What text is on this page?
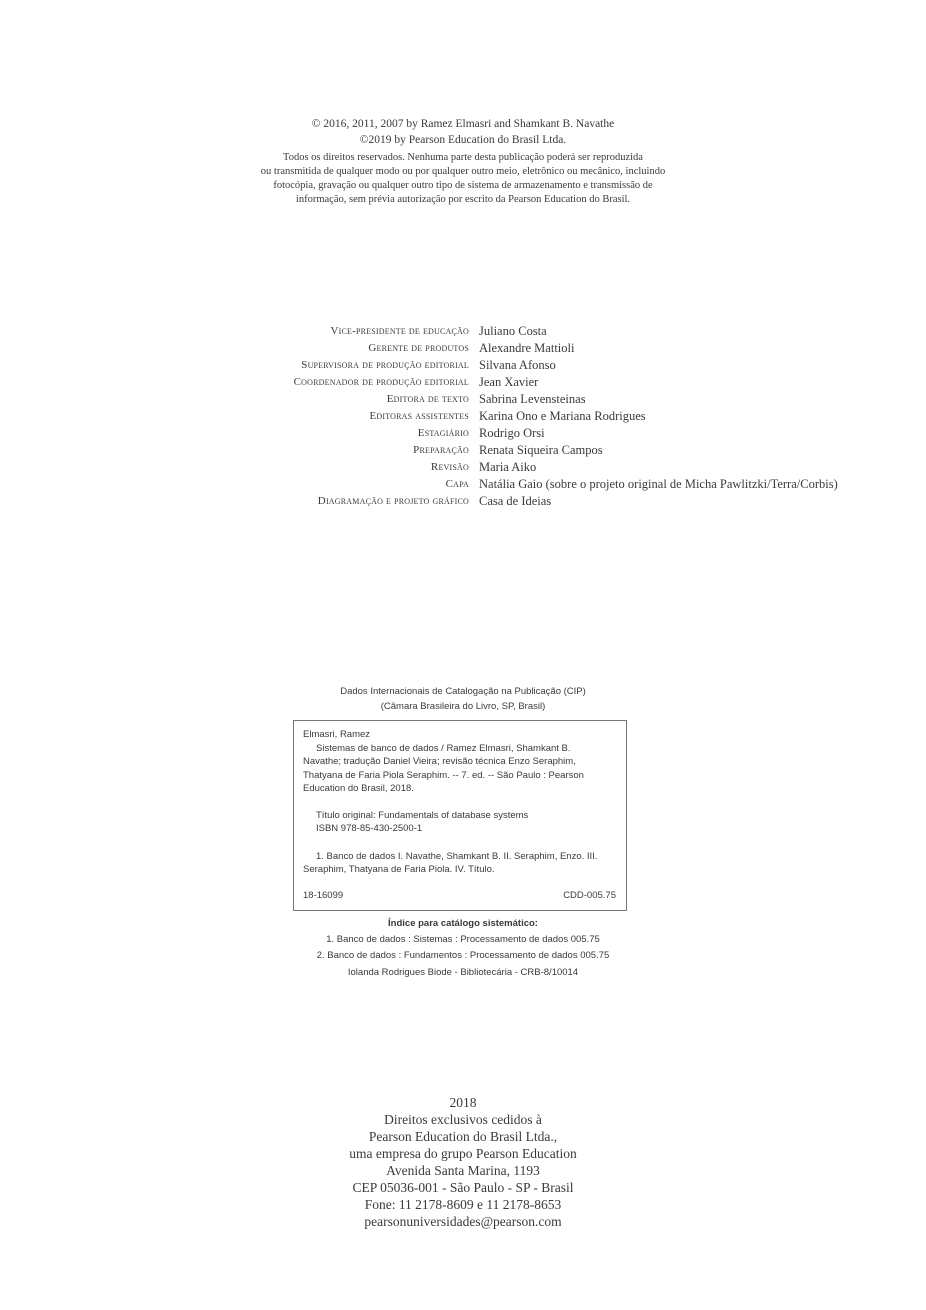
© 2016, 2011, 2007 by Ramez Elmasri and Shamkant B. Navathe
©2019 by Pearson Education do Brasil Ltda.
Todos os direitos reservados. Nenhuma parte desta publicação poderá ser reproduzida
ou transmitida de qualquer modo ou por qualquer outro meio, eletrônico ou mecânico, incluindo
fotocópia, gravação ou qualquer outro tipo de sistema de armazenamento e transmissão de
informação, sem prévia autorização por escrito da Pearson Education do Brasil.
Vice-presidente de educação Juliano Costa
Gerente de produtos Alexandre Mattioli
Supervisora de produção editorial Silvana Afonso
Coordenador de produção editorial Jean Xavier
Editora de texto Sabrina Levensteinas
Editoras assistentes Karina Ono e Mariana Rodrigues
Estagiário Rodrigo Orsi
Preparação Renata Siqueira Campos
Revisão Maria Aiko
Capa Natália Gaio (sobre o projeto original de Micha Pawlitzki/Terra/Corbis)
Diagramação e projeto gráfico Casa de Ideias
Dados Internacionais de Catalogação na Publicação (CIP)
(Câmara Brasileira do Livro, SP, Brasil)
Elmasri, Ramez
Sistemas de banco de dados / Ramez Elmasri, Shamkant B.
Navathe; tradução Daniel Vieira; revisão técnica Enzo Seraphim,
Thatyana de Faria Piola Seraphim. -- 7. ed. -- São Paulo : Pearson
Education do Brasil, 2018.
Título original: Fundamentals of database systems
ISBN 978-85-430-2500-1
1. Banco de dados I. Navathe, Shamkant B. II. Seraphim, Enzo. III.
Seraphim, Thatyana de Faria Piola. IV. Título.
18-16099	CDD-005.75
Índice para catálogo sistemático:
1. Banco de dados : Sistemas : Processamento de dados 005.75
2. Banco de dados : Fundamentos : Processamento de dados 005.75
Iolanda Rodrigues Biode - Bibliotecária - CRB-8/10014
2018
Direitos exclusivos cedidos à
Pearson Education do Brasil Ltda.,
uma empresa do grupo Pearson Education
Avenida Santa Marina, 1193
CEP 05036-001 - São Paulo - SP - Brasil
Fone: 11 2178-8609 e 11 2178-8653
pearsonuniversidades@pearson.com
